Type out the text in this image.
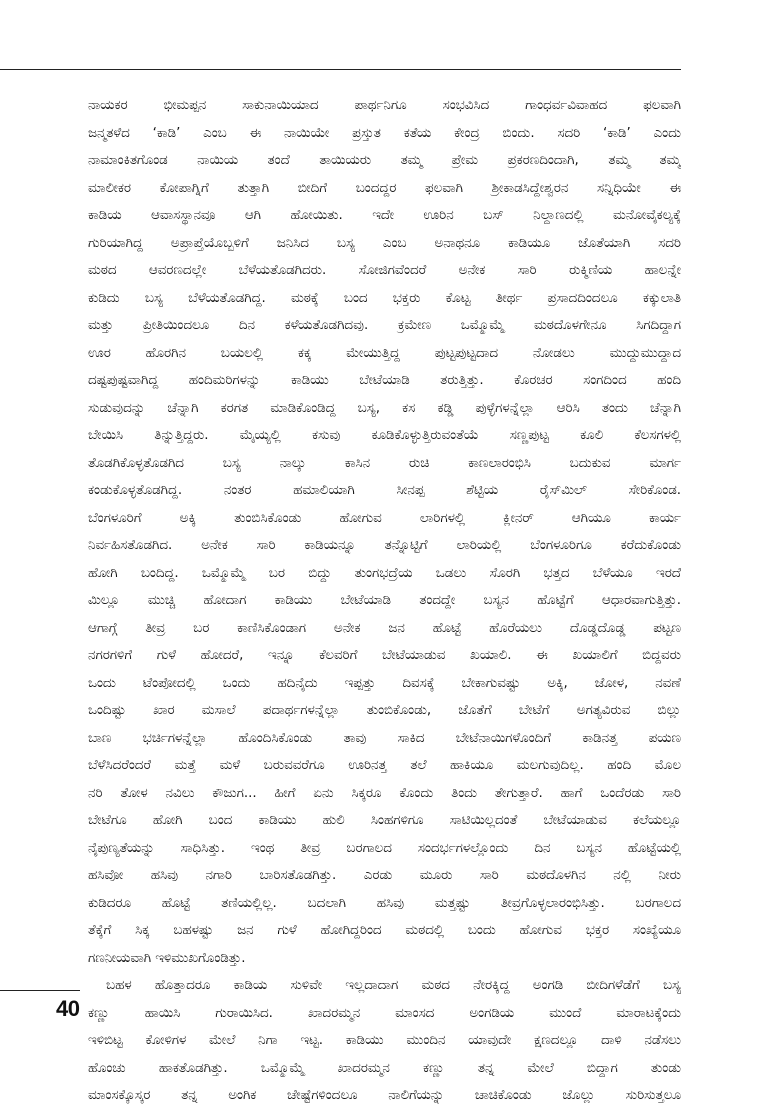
ನಾಯಕರ ಭೀಮಪ್ಪನ ಸಾಕುನಾಯಿಯಾದ ಪಾರ್ಥನಿಗೂ ಸಂಭವಿಸಿದ ಗಾಂಧರ್ವವಿವಾಹದ ಫಲವಾಗಿ
ಜನ್ಮತಳೆದ ‘ಕಾಡಿ’ ಎಂಬ ಈ ನಾಯಿಯೇ ಪ್ರಸ್ತುತ ಕತೆಯ ಕೇಂದ್ರ ಬಿಂದು. ಸದರಿ ‘ಕಾಡಿ’ ಎಂದು
ನಾಮಾಂಕಿತಗೊಂಡ ನಾಯಿಯ ತಂದೆ ತಾಯಿಯರು ತಮ್ಮ ಪ್ರೇಮ ಪ್ರಕರಣದಿಂದಾಗಿ, ತಮ್ಮ ತಮ್ಮ
ಮಾಲೀಕರ ಕೋಪಾಗ್ನಿಗೆ ತುತ್ತಾಗಿ ಬೀದಿಗೆ ಬಂದದ್ದರ ಫಲವಾಗಿ ಶ್ರೀಕಾಡಸಿದ್ದೇಶ್ವರನ ಸನ್ನಿಧಿಯೇ ಈ
ಕಾಡಿಯ ಆವಾಸಸ್ಥಾನವೂ ಆಗಿ ಹೋಯಿತು. ಇದೇ ಊರಿನ ಬಸ್ ನಿಲ್ದಾಣದಲ್ಲಿ ಮನೋವೈಕಲ್ಯಕ್ಕೆ
ಗುರಿಯಾಗಿದ್ದ ಅಪ್ರಾಪ್ತೆಯೊಬ್ಬಳಿಗೆ ಜನಿಸಿದ ಬಸ್ಯ ಎಂಬ ಅನಾಥನೂ ಕಾಡಿಯೂ ಜೊತೆಯಾಗಿ ಸದರಿ
ಮಠದ ಆವರಣದಲ್ಲೇ ಬೆಳೆಯತೊಡಗಿದರು. ಸೋಜಿಗವೆಂದರೆ ಅನೇಕ ಸಾರಿ ರುಕ್ಮಿಣಿಯ ಹಾಲನ್ನೇ
ಕುಡಿದು ಬಸ್ಯ ಬೆಳೆಯತೊಡಗಿದ್ದ. ಮಠಕ್ಕೆ ಬಂದ ಭಕ್ತರು ಕೊಟ್ಟ ತೀರ್ಥ ಪ್ರಸಾದದಿಂದಲೂ ಕಕ್ಕುಲಾತಿ
ಮತ್ತು ಪ್ರೀತಿಯಿಂದಲೂ ದಿನ ಕಳೆಯತೊಡಗಿದವು. ಕ್ರಮೇಣ ಒಮ್ಮೊಮ್ಮೆ ಮಠದೊಳಗೇನೂ ಸಿಗದಿದ್ದಾಗ
ಊರ ಹೊರಗಿನ ಬಯಲಲ್ಲಿ ಕಕ್ಕ ಮೇಯುತ್ತಿದ್ದ ಪುಟ್ಟಪುಟ್ಟದಾದ ನೋಡಲು ಮುದ್ದುಮುದ್ದಾದ
ದಷ್ಟಪುಷ್ಟವಾಗಿದ್ದ ಹಂದಿಮರಿಗಳನ್ನು ಕಾಡಿಯು ಬೇಟೆಯಾಡಿ ತರುತ್ತಿತ್ತು. ಕೊರಚರ ಸಂಗದಿಂದ ಹಂದಿ
ಸುಡುವುದನ್ನು ಚೆನ್ನಾಗಿ ಕರಗತ ಮಾಡಿಕೊಂಡಿದ್ದ ಬಸ್ಯ, ಕಸ ಕಡ್ಡಿ ಪುಳ್ಳೆಗಳನ್ನೆಲ್ಲಾ ಆರಿಸಿ ತಂದು ಚೆನ್ನಾಗಿ
ಬೇಯಿಸಿ ತಿನ್ನುತ್ತಿದ್ದರು. ಮೈಯ್ಯಲ್ಲಿ ಕಸುವು ಕೂಡಿಕೊಳ್ಳುತ್ತಿರುವಂತೆಯೆ ಸಣ್ಣಪುಟ್ಟ ಕೂಲಿ ಕೆಲಸಗಳಲ್ಲಿ
ತೊಡಗಿಕೊಳ್ಳತೊಡಗಿದ ಬಸ್ಯ ನಾಲ್ಕು ಕಾಸಿನ ರುಚಿ ಕಾಣಲಾರಂಭಿಸಿ ಬದುಕುವ ಮಾರ್ಗ
ಕಂಡುಕೊಳ್ಳತೊಡಗಿದ್ದ. ನಂತರ ಹಮಾಲಿಯಾಗಿ ಸೀನಪ್ಪ ಶೆಟ್ಟಿಯ ರೈಸ್‌ಮಿಲ್ ಸೇರಿಕೊಂಡ.
ಬೆಂಗಳೂರಿಗೆ ಅಕ್ಕಿ ತುಂಬಿಸಿಕೊಂಡು ಹೋಗುವ ಲಾರಿಗಳಲ್ಲಿ ಕ್ಲೀನರ್ ಆಗಿಯೂ ಕಾರ್ಯ
ನಿರ್ವಹಿಸತೊಡಗಿದ. ಅನೇಕ ಸಾರಿ ಕಾಡಿಯನ್ನೂ ತನ್ನೊಟ್ಟಿಗೆ ಲಾರಿಯಲ್ಲಿ ಬೆಂಗಳೂರಿಗೂ ಕರೆದುಕೊಂಡು
ಹೋಗಿ ಬಂದಿದ್ದ. ಒಮ್ಮೊಮ್ಮೆ ಬರ ಬಿದ್ದು ತುಂಗಭದ್ರೆಯ ಒಡಲು ಸೊರಗಿ ಭತ್ತದ ಬೆಳೆಯೂ ಇರದೆ
ಮಿಲ್ಲೂ ಮುಚ್ಚಿ ಹೋದಾಗ ಕಾಡಿಯು ಬೇಟೆಯಾಡಿ ತಂದದ್ದೇ ಬಸ್ಯನ ಹೊಟ್ಟೆಗೆ ಆಧಾರವಾಗುತ್ತಿತ್ತು.
ಆಗಾಗ್ಗೆ ತೀವ್ರ ಬರ ಕಾಣಿಸಿಕೊಂಡಾಗ ಅನೇಕ ಜನ ಹೊಟ್ಟೆ ಹೊರೆಯಲು ದೊಡ್ಡದೊಡ್ಡ ಪಟ್ಟಣ
ನಗರಗಳಿಗೆ ಗುಳೆ ಹೋದರೆ, ಇನ್ನೂ ಕೆಲವರಿಗೆ ಬೇಟೆಯಾಡುವ ಖಯಾಲಿ. ಈ ಖಯಾಲಿಗೆ ಬಿದ್ದವರು
ಒಂದು ಟೆಂಪೋದಲ್ಲಿ ಒಂದು ಹದಿನೈದು ಇಪ್ಪತ್ತು ದಿವಸಕ್ಕೆ ಬೇಕಾಗುವಷ್ಟು ಅಕ್ಕಿ, ಜೋಳ, ನವಣೆ
ಒಂದಿಷ್ಟು ಖಾರ ಮಸಾಲೆ ಪದಾರ್ಥಗಳನ್ನೆಲ್ಲಾ ತುಂಬಿಕೊಂಡು, ಜೊತೆಗೆ ಬೇಟೆಗೆ ಅಗತ್ಯವಿರುವ ಬಿಲ್ಲು
ಬಾಣ ಭರ್ಚಿಗಳನ್ನೆಲ್ಲಾ ಹೊಂದಿಸಿಕೊಂಡು ತಾವು ಸಾಕಿದ ಬೇಟೆನಾಯಿಗಳೊಂದಿಗೆ ಕಾಡಿನತ್ತ ಪಯಣ
ಬೆಳೆಸಿದರೆಂದರೆ ಮತ್ತೆ ಮಳೆ ಬರುವವರೆಗೂ ಊರಿನತ್ತ ತಲೆ ಹಾಕಿಯೂ ಮಲಗುವುದಿಲ್ಲ. ಹಂದಿ ಮೊಲ
ನರಿ ತೋಳ ನವಿಲು ಕೌಜುಗ... ಹೀಗೆ ಏನು ಸಿಕ್ಕರೂ ಕೊಂದು ತಿಂದು ತೇಗುತ್ತಾರೆ. ಹಾಗೆ ಒಂದೆರಡು ಸಾರಿ
ಬೇಟೆಗೂ ಹೋಗಿ ಬಂದ ಕಾಡಿಯು ಹುಲಿ ಸಿಂಹಗಳಿಗೂ ಸಾಟಿಯಿಲ್ಲದಂತೆ ಬೇಟೆಯಾಡುವ ಕಲೆಯಲ್ಲೂ
ನೈಪುಣ್ಯತೆಯನ್ನು ಸಾಧಿಸಿತ್ತು. ಇಂಥ ತೀವ್ರ ಬರಗಾಲದ ಸಂದರ್ಭಗಳಲ್ಲೊಂದು ದಿನ ಬಸ್ಯನ ಹೊಟ್ಟೆಯಲ್ಲಿ
ಹಸಿವೋ ಹಸಿವು ನಗಾರಿ ಬಾರಿಸತೊಡಗಿತ್ತು. ಎರಡು ಮೂರು ಸಾರಿ ಮಠದೊಳಗಿನ ನಲ್ಲಿ ನೀರು
ಕುಡಿದರೂ ಹೊಟ್ಟೆ ತಣಿಯಲ್ಲಿಲ್ಲ. ಬದಲಾಗಿ ಹಸಿವು ಮತ್ತಷ್ಟು ತೀವ್ರಗೊಳ್ಳಲಾರಂಭಿಸಿತ್ತು. ಬರಗಾಲದ
ತೆಕ್ಕೆಗೆ ಸಿಕ್ಕ ಬಹಳಷ್ಟು ಜನ ಗುಳೆ ಹೋಗಿದ್ದರಿಂದ ಮಠದಲ್ಲಿ ಬಂದು ಹೋಗುವ ಭಕ್ತರ ಸಂಖ್ಯೆಯೂ
ಗಣನೀಯವಾಗಿ ಇಳಿಮುಖಗೊಂಡಿತ್ತು.
ಬಹಳ ಹೊತ್ತಾದರೂ ಕಾಡಿಯ ಸುಳಿವೇ ಇಲ್ಲದಾದಾಗ ಮಠದ ನೇರಕ್ಕಿದ್ದ ಅಂಗಡಿ ಬೀದಿಗಳೆಡೆಗೆ ಬಸ್ಯ
ಕಣ್ಣು ಹಾಯಿಸಿ ಗುರಾಯಿಸಿದ. ಖಾದರಮ್ಮನ ಮಾಂಸದ ಅಂಗಡಿಯ ಮುಂದೆ ಮಾರಾಟಕ್ಕೆಂದು
ಇಳಿಬಿಟ್ಟ ಕೋಳಿಗಳ ಮೇಲೆ ನಿಗಾ ಇಟ್ಟ. ಕಾಡಿಯು ಮುಂದಿನ ಯಾವುದೇ ಕ್ಷಣದಲ್ಲೂ ದಾಳಿ ನಡೆಸಲು
ಹೊಂಚು ಹಾಕತೊಡಗಿತ್ತು. ಒಮ್ಮೊಮ್ಮೆ ಖಾದರಮ್ಮನ ಕಣ್ಣು ತನ್ನ ಮೇಲೆ ಬಿದ್ದಾಗ ತುಂಡು
ಮಾಂಸಕ್ಕೊಸ್ಕರ ತನ್ನ ಅಂಗಿಕ ಚೇಷ್ಟೆಗಳಿಂದಲೂ ನಾಲಿಗೆಯನ್ನು ಚಾಚಿಕೊಂಡು ಜೊಲ್ಲು ಸುರಿಸುತ್ತಲೂ
40
